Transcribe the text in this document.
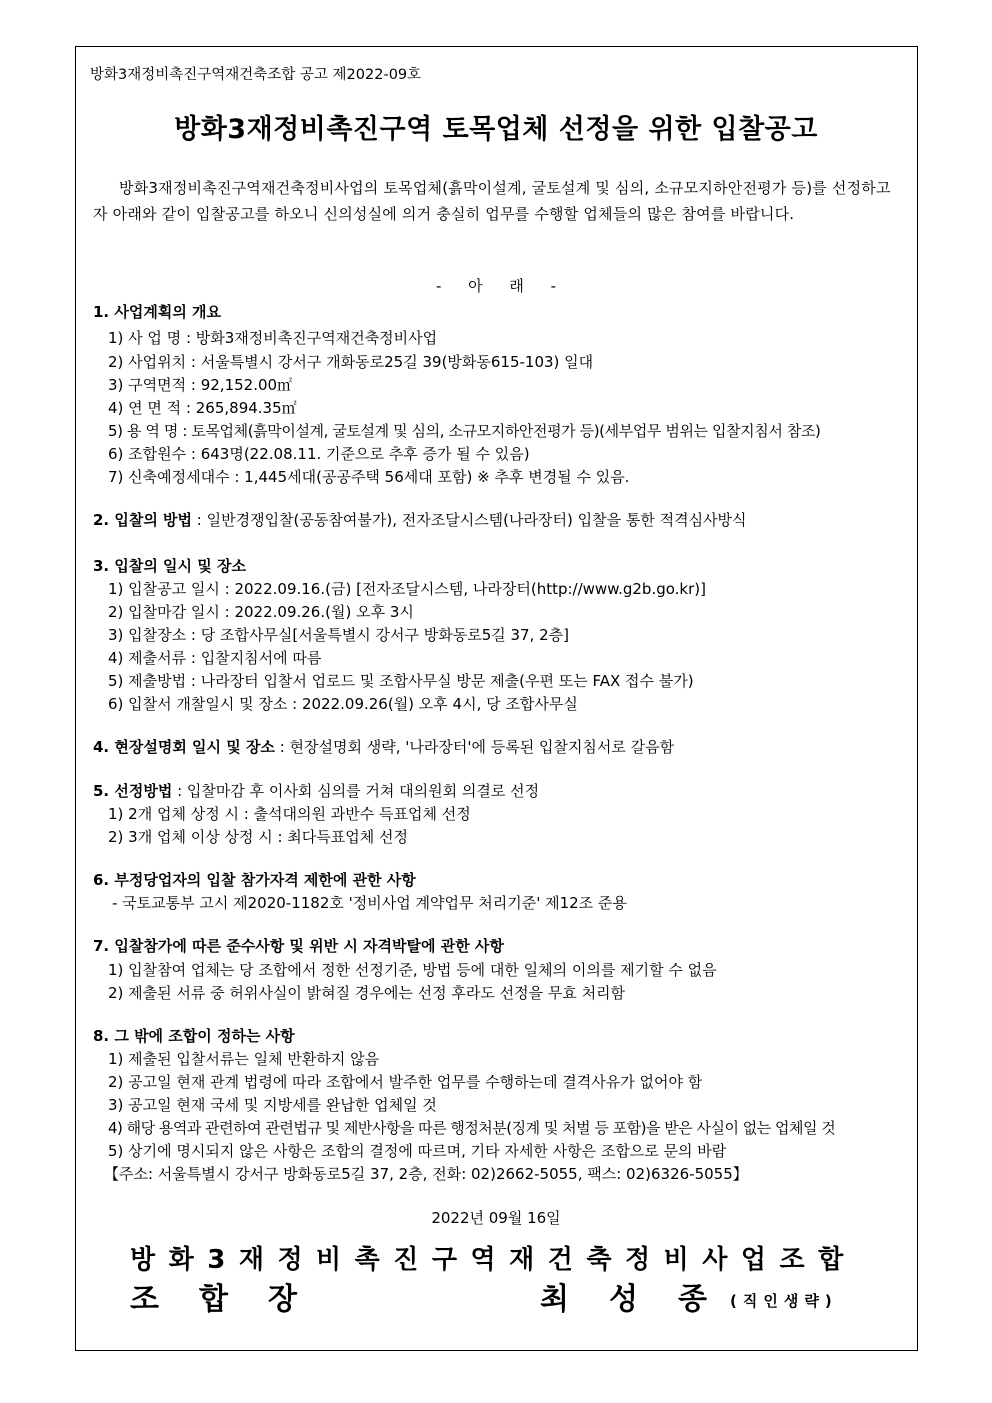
방화3재정비촉진구역재건축조합 공고 제2022-09호
방화3재정비촉진구역 토목업체 선정을 위한 입찰공고
방화3재정비촉진구역재건축정비사업의 토목업체(흙막이설계, 굴토설계 및 심의, 소규모지하안전평가 등)를 선정하고자 아래와 같이 입찰공고를 하오니 신의성실에 의거 충실히 업무를 수행할 업체들의 많은 참여를 바랍니다.
- 아 래 -
1. 사업계획의 개요
1) 사 업 명 : 방화3재정비촉진구역재건축정비사업
2) 사업위치 : 서울특별시 강서구 개화동로25길 39(방화동615-103) 일대
3) 구역면적 : 92,152.00㎡
4) 연 면 적 : 265,894.35㎡
5) 용 역 명 : 토목업체(흙막이설계, 굴토설계 및 심의, 소규모지하안전평가 등)(세부업무 범위는 입찰지침서 참조)
6) 조합원수 : 643명(22.08.11. 기준으로 추후 증가 될 수 있음)
7) 신축예정세대수 : 1,445세대(공공주택 56세대 포함) ※ 추후 변경될 수 있음.
2. 입찰의 방법 : 일반경쟁입찰(공동참여불가), 전자조달시스템(나라장터) 입찰을 통한 적격심사방식
3. 입찰의 일시 및 장소
1) 입찰공고 일시 : 2022.09.16.(금) [전자조달시스템, 나라장터(http://www.g2b.go.kr)]
2) 입찰마감 일시 : 2022.09.26.(월) 오후 3시
3) 입찰장소 : 당 조합사무실[서울특별시 강서구 방화동로5길 37, 2층]
4) 제출서류 : 입찰지침서에 따름
5) 제출방법 : 나라장터 입찰서 업로드 및 조합사무실 방문 제출(우편 또는 FAX 접수 불가)
6) 입찰서 개찰일시 및 장소 : 2022.09.26(월) 오후 4시, 당 조합사무실
4. 현장설명회 일시 및 장소 : 현장설명회 생략, '나라장터'에 등록된 입찰지침서로 갈음함
5. 선정방법 : 입찰마감 후 이사회 심의를 거쳐 대의원회 의결로 선정
1) 2개 업체 상정 시 : 출석대의원 과반수 득표업체 선정
2) 3개 업체 이상 상정 시 : 최다득표업체 선정
6. 부정당업자의 입찰 참가자격 제한에 관한 사항
- 국토교통부 고시 제2020-1182호 '정비사업 계약업무 처리기준' 제12조 준용
7. 입찰참가에 따른 준수사항 및 위반 시 자격박탈에 관한 사항
1) 입찰참여 업체는 당 조합에서 정한 선정기준, 방법 등에 대한 일체의 이의를 제기할 수 없음
2) 제출된 서류 중 허위사실이 밝혀질 경우에는 선정 후라도 선정을 무효 처리함
8. 그 밖에 조합이 정하는 사항
1) 제출된 입찰서류는 일체 반환하지 않음
2) 공고일 현재 관계 법령에 따라 조합에서 발주한 업무를 수행하는데 결격사유가 없어야 함
3) 공고일 현재 국세 및 지방세를 완납한 업체일 것
4) 해당 용역과 관련하여 관련법규 및 제반사항을 따른 행정처분(징계 및 처벌 등 포함)을 받은 사실이 없는 업체일 것
5) 상기에 명시되지 않은 사항은 조합의 결정에 따르며, 기타 자세한 사항은 조합으로 문의 바람
【주소: 서울특별시 강서구 방화동로5길 37, 2층, 전화: 02)2662-5055, 팩스: 02)6326-5055】
2022년 09월 16일
방화3재정비촉진구역재건축정비사업조합
조합장	최성종
(직인생략)
